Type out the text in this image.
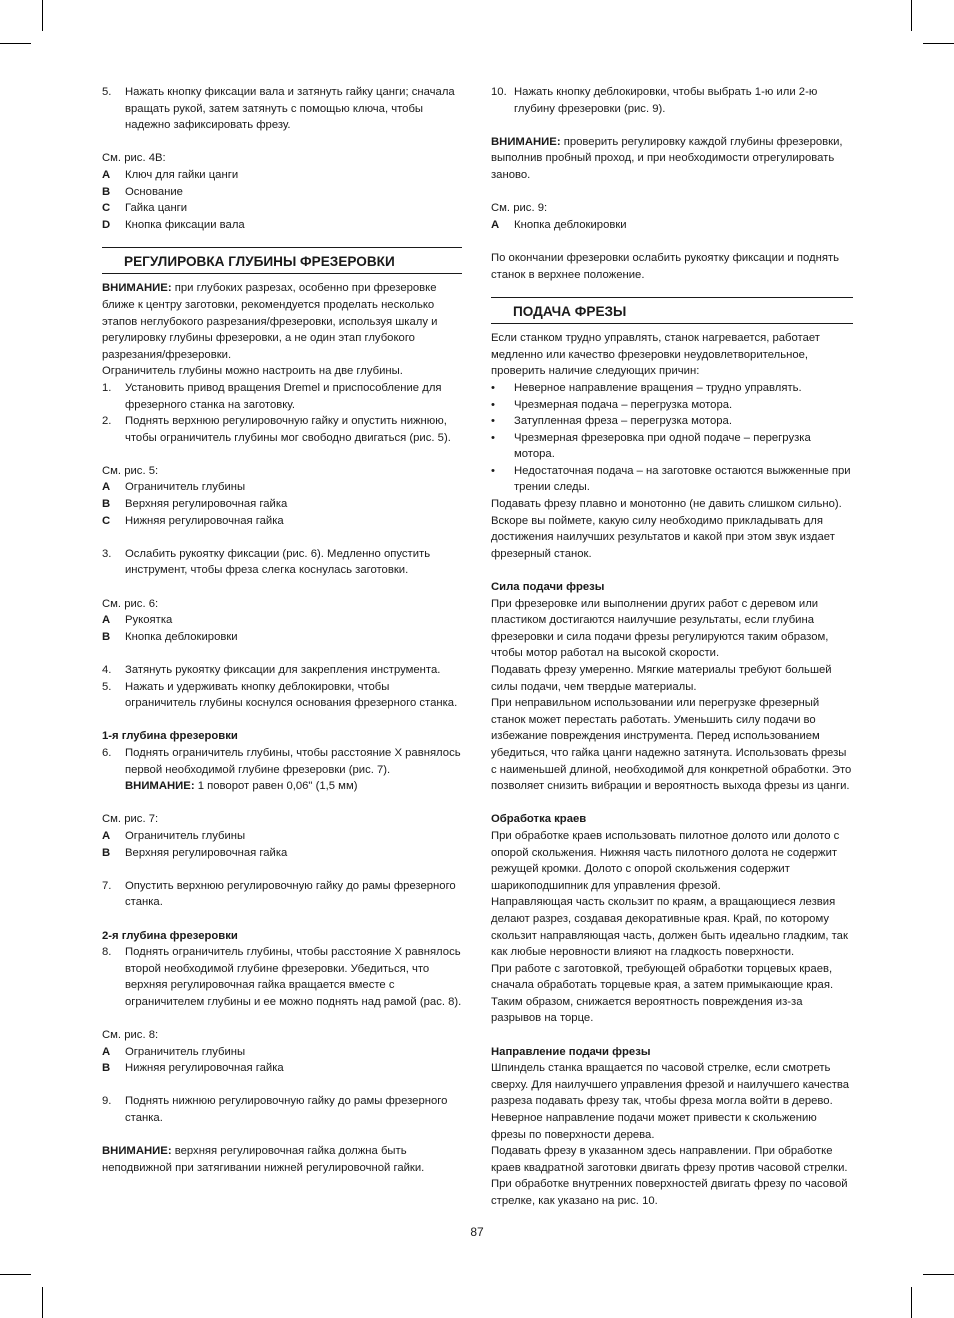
5.	Нажать кнопку фиксации вала и затянуть гайку цанги; сначала вращать рукой, затем затянуть с помощью ключа, чтобы надежно зафиксировать фрезу.

См. рис. 4B:

A	Ключ для гайки цанги
B	Основание
C	Гайка цанги
D	Кнопка фиксации вала
РЕГУЛИРОВКА ГЛУБИНЫ ФРЕЗЕРОВКИ

ВНИМАНИЕ: при глубоких разрезах, особенно при фрезеровке ближе к центру заготовки, рекомендуется проделать несколько этапов неглубокого разрезания/фрезеровки, используя шкалу и регулировку глубины фрезеровки, а не один этап глубокого разрезания/фрезеровки.

Ограничитель глубины можно настроить на две глубины.

1.	Установить привод вращения Dremel и приспособление для фрезерного станка на заготовку.
2.	Поднять верхнюю регулировочную гайку и опустить нижнюю, чтобы ограничитель глубины мог свободно двигаться (рис. 5).

См. рис. 5:

A	Ограничитель глубины
B	Верхняя регулировочная гайка
C	Нижняя регулировочная гайка
3.	Ослабить рукоятку фиксации (рис. 6). Медленно опустить инструмент, чтобы фреза слегка коснулась заготовки.

См. рис. 6:

A	Рукоятка
B	Кнопка деблокировки
4.	Затянуть рукоятку фиксации для закрепления инструмента.
5.	Нажать и удерживать кнопку деблокировки, чтобы ограничитель глубины коснулся основания фрезерного станка.

1-я глубина фрезеровки

6.	Поднять ограничитель глубины, чтобы расстояние X равнялось первой необходимой глубине фрезеровки (рис. 7).
ВНИМАНИЕ: 1 поворот равен 0,06" (1,5 мм)

См. рис. 7:

A	Ограничитель глубины
B	Верхняя регулировочная гайка
7.	Опустить верхнюю регулировочную гайку до рамы фрезерного станка.

2-я глубина фрезеровки

8.	Поднять ограничитель глубины, чтобы расстояние X равнялось второй необходимой глубине фрезеровки. Убедиться, что верхняя регулировочная гайка вращается вместе с ограничителем глубины и ее можно поднять над рамой (рас. 8).

См. рис. 8:

A	Ограничитель глубины
B	Нижняя регулировочная гайка
9.	Поднять нижнюю регулировочную гайку до рамы фрезерного станка.

ВНИМАНИЕ: верхняя регулировочная гайка должна быть неподвижной при затягивании нижней регулировочной гайки.

10. Нажать кнопку деблокировки, чтобы выбрать 1-ю или 2-ю глубину фрезеровки (рис. 9).

ВНИМАНИЕ: проверить регулировку каждой глубины фрезеровки, выполнив пробный проход, и при необходимости отрегулировать заново.

См. рис. 9:

A	Кнопка деблокировки

По окончании фрезеровки ослабить рукоятку фиксации и поднять станок в верхнее положение.

ПОДАЧА ФРЕЗЫ

Если станком трудно управлять, станок нагревается, работает медленно или качество фрезеровки неудовлетворительное, проверить наличие следующих причин:

•	Неверное направление вращения – трудно управлять.
•	Чрезмерная подача – перегрузка мотора.
•	Затупленная фреза – перегрузка мотора.
•	Чрезмерная фрезеровка при одной подаче – перегрузка мотора.
•	Недостаточная подача – на заготовке остаются выжженные при трении следы.

Подавать фрезу плавно и монотонно (не давить слишком сильно). Вскоре вы поймете, какую силу необходимо прикладывать для достижения наилучших результатов и какой при этом звук издает фрезерный станок.

Сила подачи фрезы

При фрезеровке или выполнении других работ с деревом или пластиком достигаются наилучшие результаты, если глубина фрезеровки и сила подачи фрезы регулируются таким образом, чтобы мотор работал на высокой скорости.

Подавать фрезу умеренно. Мягкие материалы требуют большей силы подачи, чем твердые материалы.

При неправильном использовании или перегрузке фрезерный станок может перестать работать. Уменьшить силу подачи во избежание повреждения инструмента. Перед использованием убедиться, что гайка цанги надежно затянута. Использовать фрезы с наименьшей длиной, необходимой для конкретной обработки. Это позволяет снизить вибрации и вероятность выхода фрезы из цанги.

Обработка краев

При обработке краев использовать пилотное долото или долото с опорой скольжения. Нижняя часть пилотного долота не содержит режущей кромки. Долото с опорой скольжения содержит шарикоподшипник для управления фрезой.

Направляющая часть скользит по краям, а вращающиеся лезвия делают разрез, создавая декоративные края. Край, по которому скользит направляющая часть, должен быть идеально гладким, так как любые неровности влияют на гладкость поверхности.

При работе с заготовкой, требующей обработки торцевых краев, сначала обработать торцевые края, а затем примыкающие края. Таким образом, снижается вероятность повреждения из-за разрывов на торце.

Направление подачи фрезы

Шпиндель станка вращается по часовой стрелке, если смотреть сверху. Для наилучшего управления фрезой и наилучшего качества разреза подавать фрезу так, чтобы фреза могла войти в дерево. Неверное направление подачи может привести к скольжению фрезы по поверхности дерева.

Подавать фрезу в указанном здесь направлении. При обработке краев квадратной заготовки двигать фрезу против часовой стрелки. При обработке внутренних поверхностей двигать фрезу по часовой стрелке, как указано на рис. 10.

87
